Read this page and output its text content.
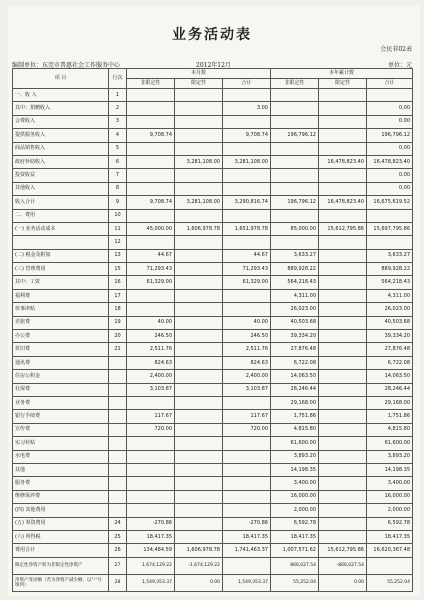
业务活动表
会民非02表
编制单位：东莞市普惠社会工作服务中心	2012年12月	单位：元
项 目	行次	本月数			本年累计数		
		非限定性	限定性	合计	非限定性	限定性	合计
一、收 入	1						
其中：捐赠收入	2			3.00			0.00
会费收入	3						0.00
提供服务收入	4	9,708.74		9,708.74	196,796.12		196,796.12
商品销售收入	5						0.00
政府补助收入	6		3,281,108.00	3,281,108.00		16,478,823.40	16,478,823.40
投资收益	7						0.00
其他收入	8						0.00
收入合计	9	9,708.74	3,281,108.00	3,290,816.74	196,796.12	16,478,823.40	16,675,619.52
二、费用	10						
(一) 业务活动成本	11	45,000.00	1,606,978.78	1,651,978.78	85,000.00	15,612,795.86	15,697,795.86
	12						
(二) 税金及附加	13	44.67		44.67	3,633.27		3,633.27
(三) 管理费用	15	71,293.43		71,293.43	889,928.22		889,928.22
其中：工资	16	61,329.00		61,329.00	564,218.43		564,218.43
福利费	17				4,311.00		4,311.00
伙事津贴	18				26,023.00		26,023.00
差旅费	19	40.00		40.00	40,503.68		40,503.68
办公费	20	246.50		246.50	39,334.20		39,334.20
折旧费	21	2,511.76		2,511.76	27,876.48		27,876.48
通讯费		824.63		824.63	6,722.08		6,722.08
住房公积金		2,400.00		2,400.00	14,063.50		14,063.50
社保费		3,103.87		3,103.87	28,246.44		28,246.44
业务费					29,168.00		29,168.00
银行手续费		117.67		117.67	1,751.86		1,751.86
宣传费		720.00		720.00	4,815.80		4,815.80
实习补贴					61,600.00		61,600.00
水电费					3,893.20		3,893.20
其他					14,198.35		14,198.35
服务费					3,400.00		3,400.00
维修保养费					16,000.00		16,000.00
(四) 其他费用					2,000.00		2,000.00
(五) 筹资费用	24	-270.86		-270.86	6,592.78		6,592.78
(六) 所得税	25	18,417.35		18,417.35	18,417.35		18,417.35
费用合计	26	134,484.59	1,606,978.78	1,741,463.37	1,007,571.62	15,612,795.86	16,620,367.48
限定性净资产转为非限定性净资产	27	1,674,129.22	-1,674,129.22		866,027.54	-866,027.54	
净资产变动额（若为净资产减少额，以"-"号填列）	28	1,549,353.37	0.00	1,549,353.37	55,252.04	0.00	55,252.04
